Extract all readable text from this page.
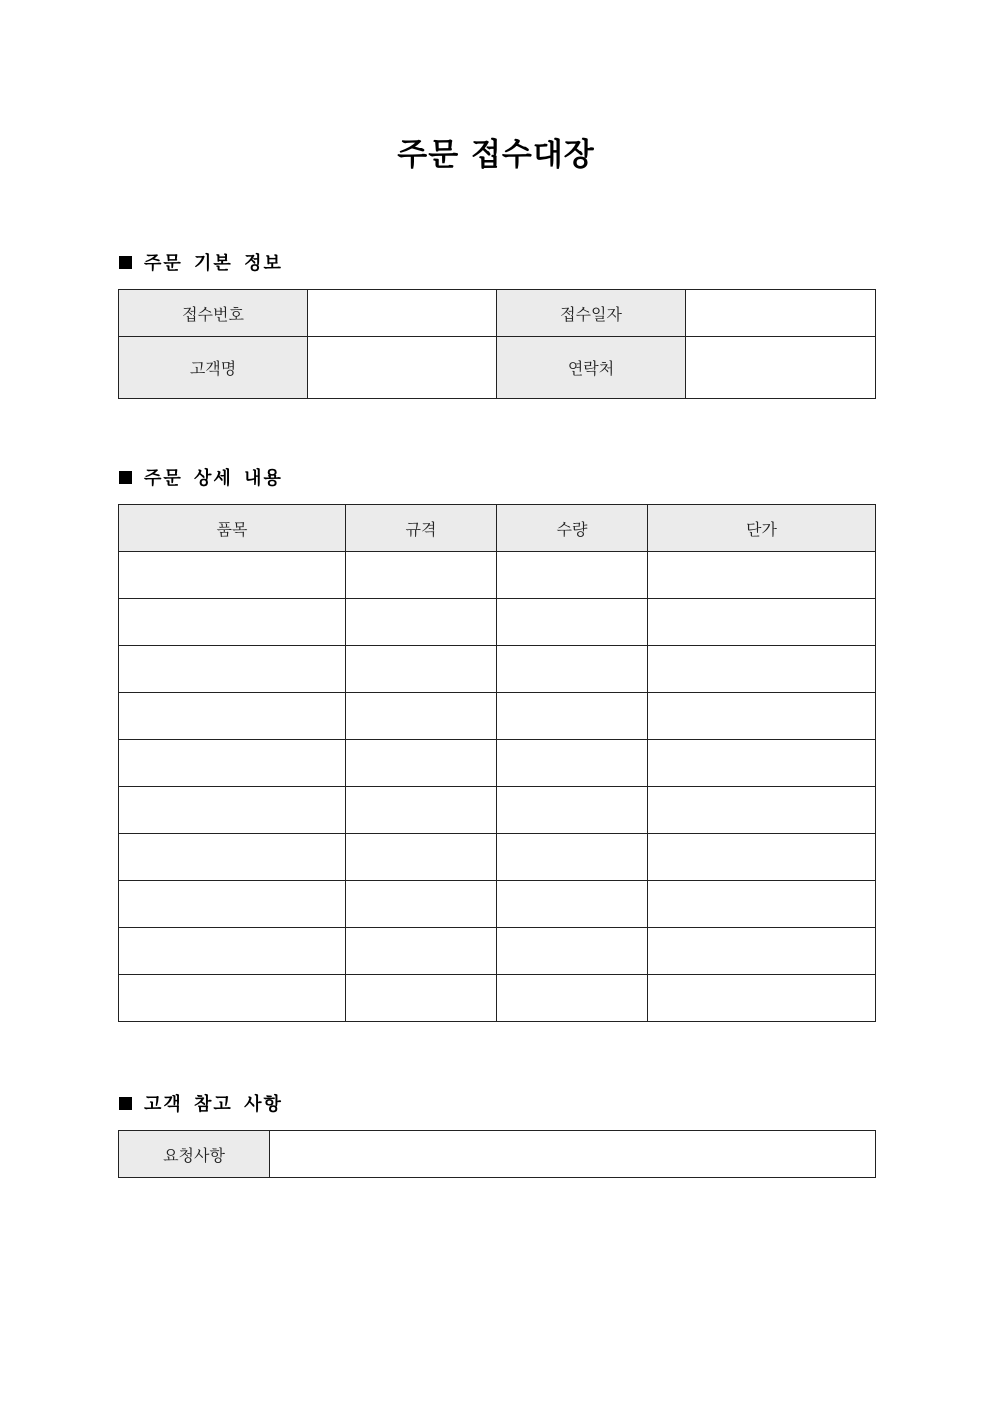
주문 접수대장
주문 기본 정보
접수번호		접수일자	
고객명		연락처	
주문 상세 내용
품목	규격	수량	단가

고객 참고 사항
요청사항	
